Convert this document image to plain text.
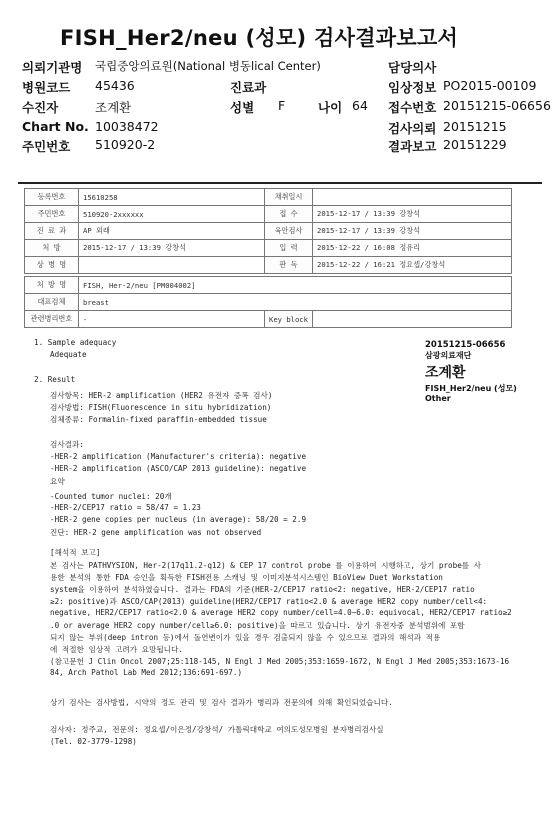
FISH_Her2/neu (성모) 검사결과보고서
의뢰기관명 국립중앙의료원(National 병동lical Center)	담당의사
병원코드 45436	진료과	임상정보 PO2015-00109
수진자	조계환	성별 F	나이 64 접수번호 20151215-06656
Chart No. 10038472	검사의뢰 20151215
주민번호 510920-2	결과보고 20151229
등록번호	15610258	채취일시	
주민번호	510920-2xxxxxx	접 수	2015-12-17 / 13:39 강창석
진 료 과	AP 외래	육안검사	2015-12-17 / 13:39 강창석
처 방	2015-12-17 / 13:39 강창석	입 력	2015-12-22 / 16:08 정유리
상 병 명		판 독	2015-12-22 / 16:21 정요셉/강창석
처 방 명	FISH, Her-2/neu [PM004002]
대표검체	breast
관련병리번호	-	Key block	
20151215-06656
삼광의료재단
조계환
FISH_Her2/neu (성모)
Other
1. Sample adequacy
Adequate
2. Result
검사항목: HER-2 amplification (HER2 유전자 증폭 검사)
검사방법: FISH(Fluorescence in situ hybridization)
검체종류: Formalin-fixed paraffin-embedded tissue
검사결과:
-HER-2 amplification (Manufacturer's criteria): negative
-HER-2 amplification (ASCO/CAP 2013 guideline): negative
요약
-Counted tumor nuclei: 20개
-HER-2/CEP17 ratio = 58/47 = 1.23
-HER-2 gene copies per nucleus (in average): 58/20 = 2.9
진단: HER-2 gene amplification was not observed
[해석적 보고]
본 검사는 PATHVYSION, Her-2(17q11.2-q12) & CEP 17 control probe 를 이용하여 시행하고, 상기 probe를 사
용한 분석의 통한 FDA 승인을 획득한 FISH전용 스캐닝 및 이미지분석시스템인 BioView Duet Workstation
system을 이용하여 분석하였습니다. 결과는 FDA의 기준(HER-2/CEP17 ratio<2: negative, HER-2/CEP17 ratio
≥2: positive)과 ASCO/CAP(2013) guideline(HER2/CEP17 ratio<2.0 & average HER2 copy number/cell<4:
negative, HER2/CEP17 ratio<2.0 & average HER2 copy number/cell=4.0~6.0: equivocal, HER2/CEP17 ratio≥2
.0 or average HER2 copy number/cell≥6.0: positive)을 따르고 있습니다. 상기 유전자중 분석범위에 포함
되지 않는 부위(deep intron 등)에서 돌연변이가 있을 경우 검출되지 않을 수 있으므로 결과의 해석과 적용
에 적절한 임상적 고려가 요망됩니다.
(참고문헌 J Clin Oncol 2007;25:118-145, N Engl J Med 2005;353:1659-1672, N Engl J Med 2005;353:1673-16
84, Arch Pathol Lab Med 2012;136:691-697.)
상기 검사는 검사방법, 시약의 정도 관리 및 검사 결과가 병리과 전문의에 의해 확인되었습니다.
검사자: 정주교, 전문의: 정요셉/이은정/강창석/ 가톨릭대학교 여의도성모병원 분자병리검사실
(Tel. 02-3779-1298)
